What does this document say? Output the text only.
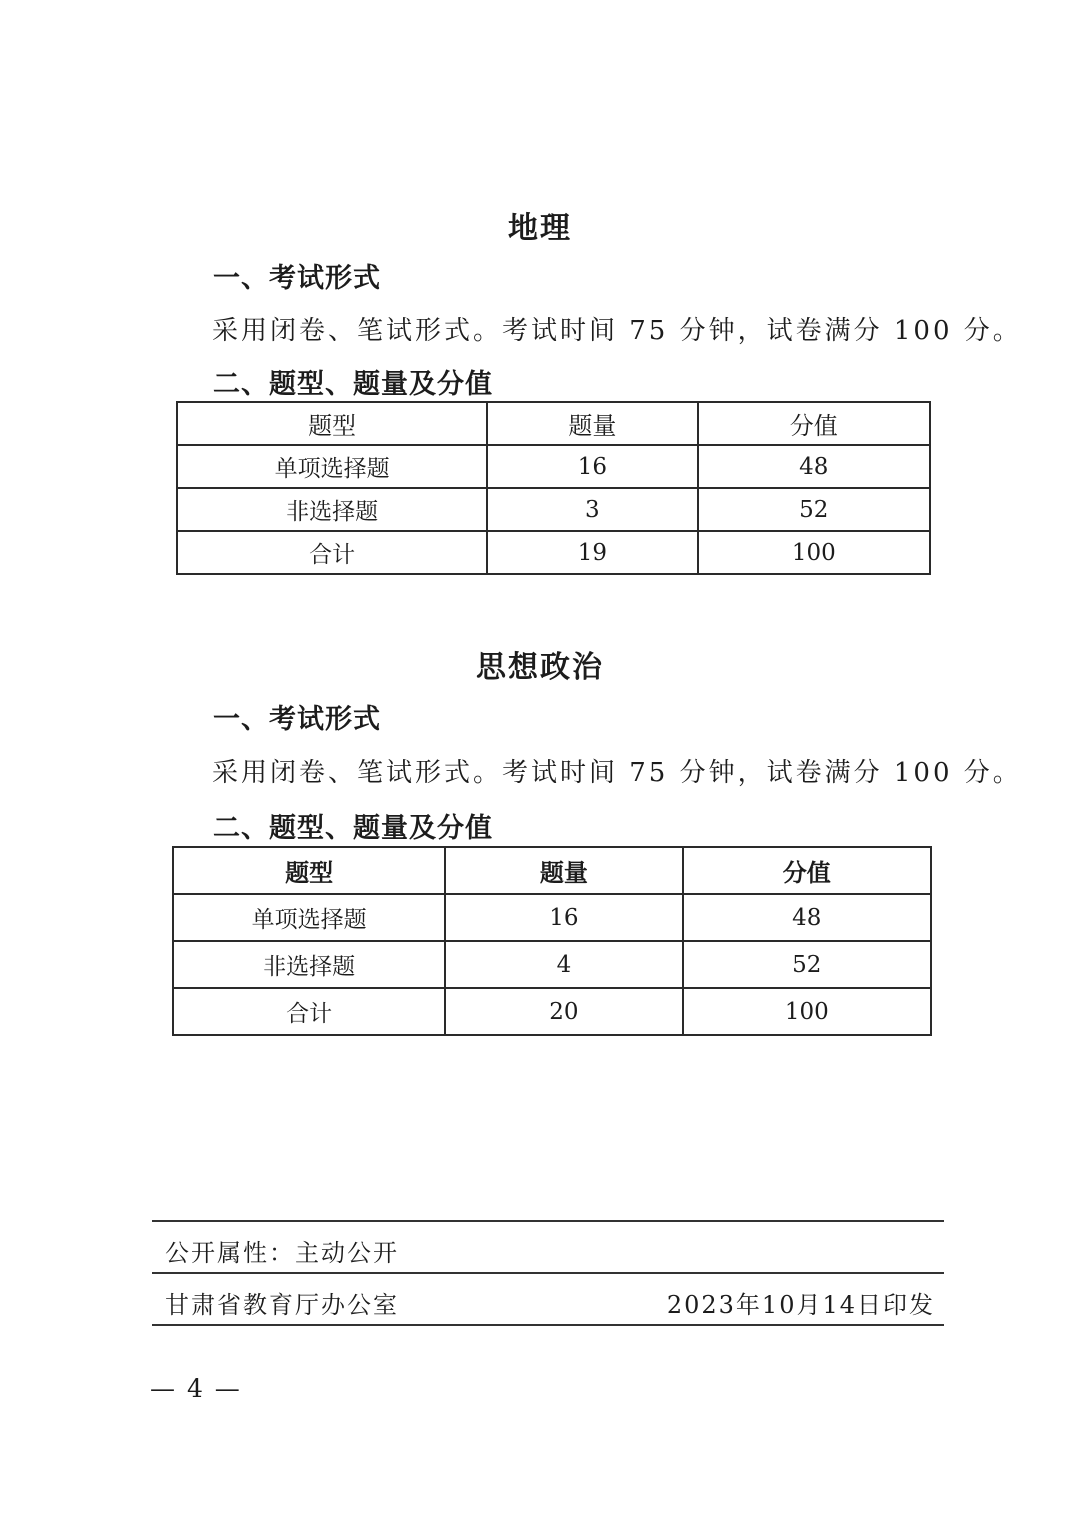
地理
一、考试形式
采用闭卷、笔试形式。考试时间 75 分钟，试卷满分 100 分。
二、题型、题量及分值
题型	题量	分值
单项选择题	16	48
非选择题	3	52
合计	19	100
思想政治
一、考试形式
采用闭卷、笔试形式。考试时间 75 分钟，试卷满分 100 分。
二、题型、题量及分值
题型	题量	分值
单项选择题	16	48
非选择题	4	52
合计	20	100
公开属性：主动公开
甘肃省教育厅办公室	2023年10月14日印发
— 4 —
